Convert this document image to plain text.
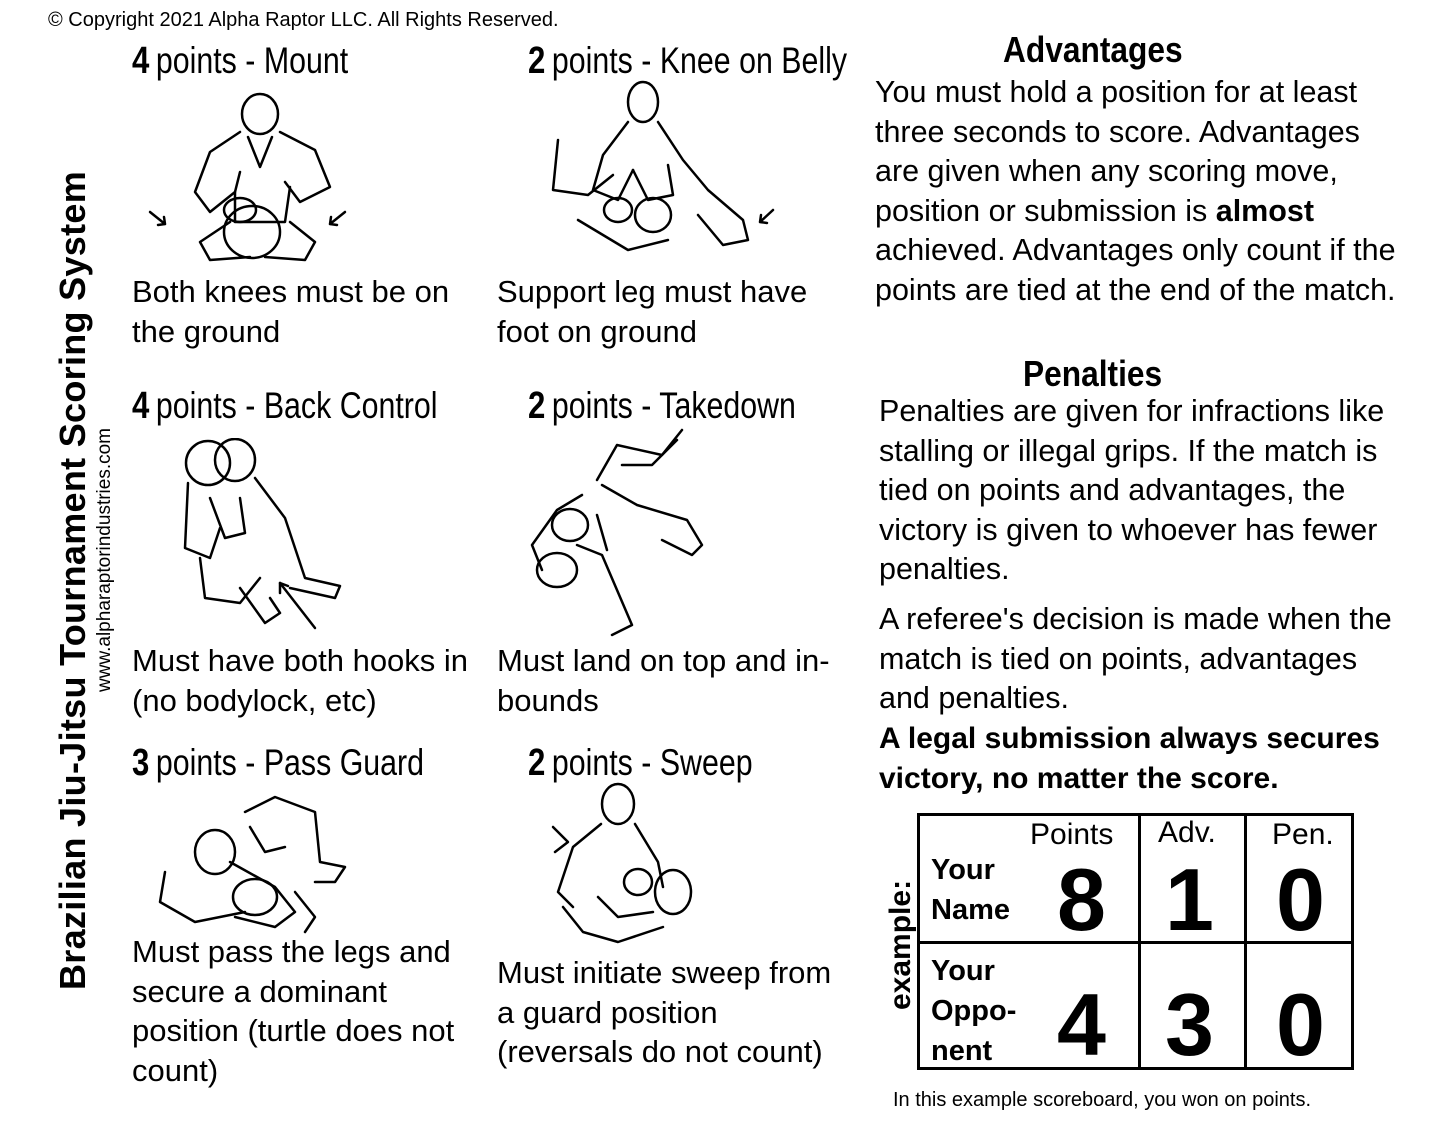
© Copyright 2021 Alpha Raptor LLC. All Rights Reserved.
Brazilian Jiu-Jitsu Tournament Scoring System www.alpharaptorindustries.com
4 points - Mount
Both knees must be on the ground
2 points - Knee on Belly
Support leg must have foot on ground
4 points - Back Control
Must have both hooks in (no bodylock, etc)
2 points - Takedown
Must land on top and in-bounds
3 points - Pass Guard
Must pass the legs and secure a dominant position (turtle does not count)
2 points - Sweep
Must initiate sweep from a guard position (reversals do not count)
Advantages
You must hold a position for at least three seconds to score. Advantages are given when any scoring move, position or submission is almost achieved. Advantages only count if the points are tied at the end of the match.
Penalties
Penalties are given for infractions like stalling or illegal grips. If the match is tied on points and advantages, the victory is given to whoever has fewer penalties.
A referee's decision is made when the match is tied on points, advantages and penalties.
A legal submission always secures victory, no matter the score.
example:
Points Adv. Pen.
Your
Name 8 1 0
Your
Oppo-
nent 4 3 0
In this example scoreboard, you won on points.
